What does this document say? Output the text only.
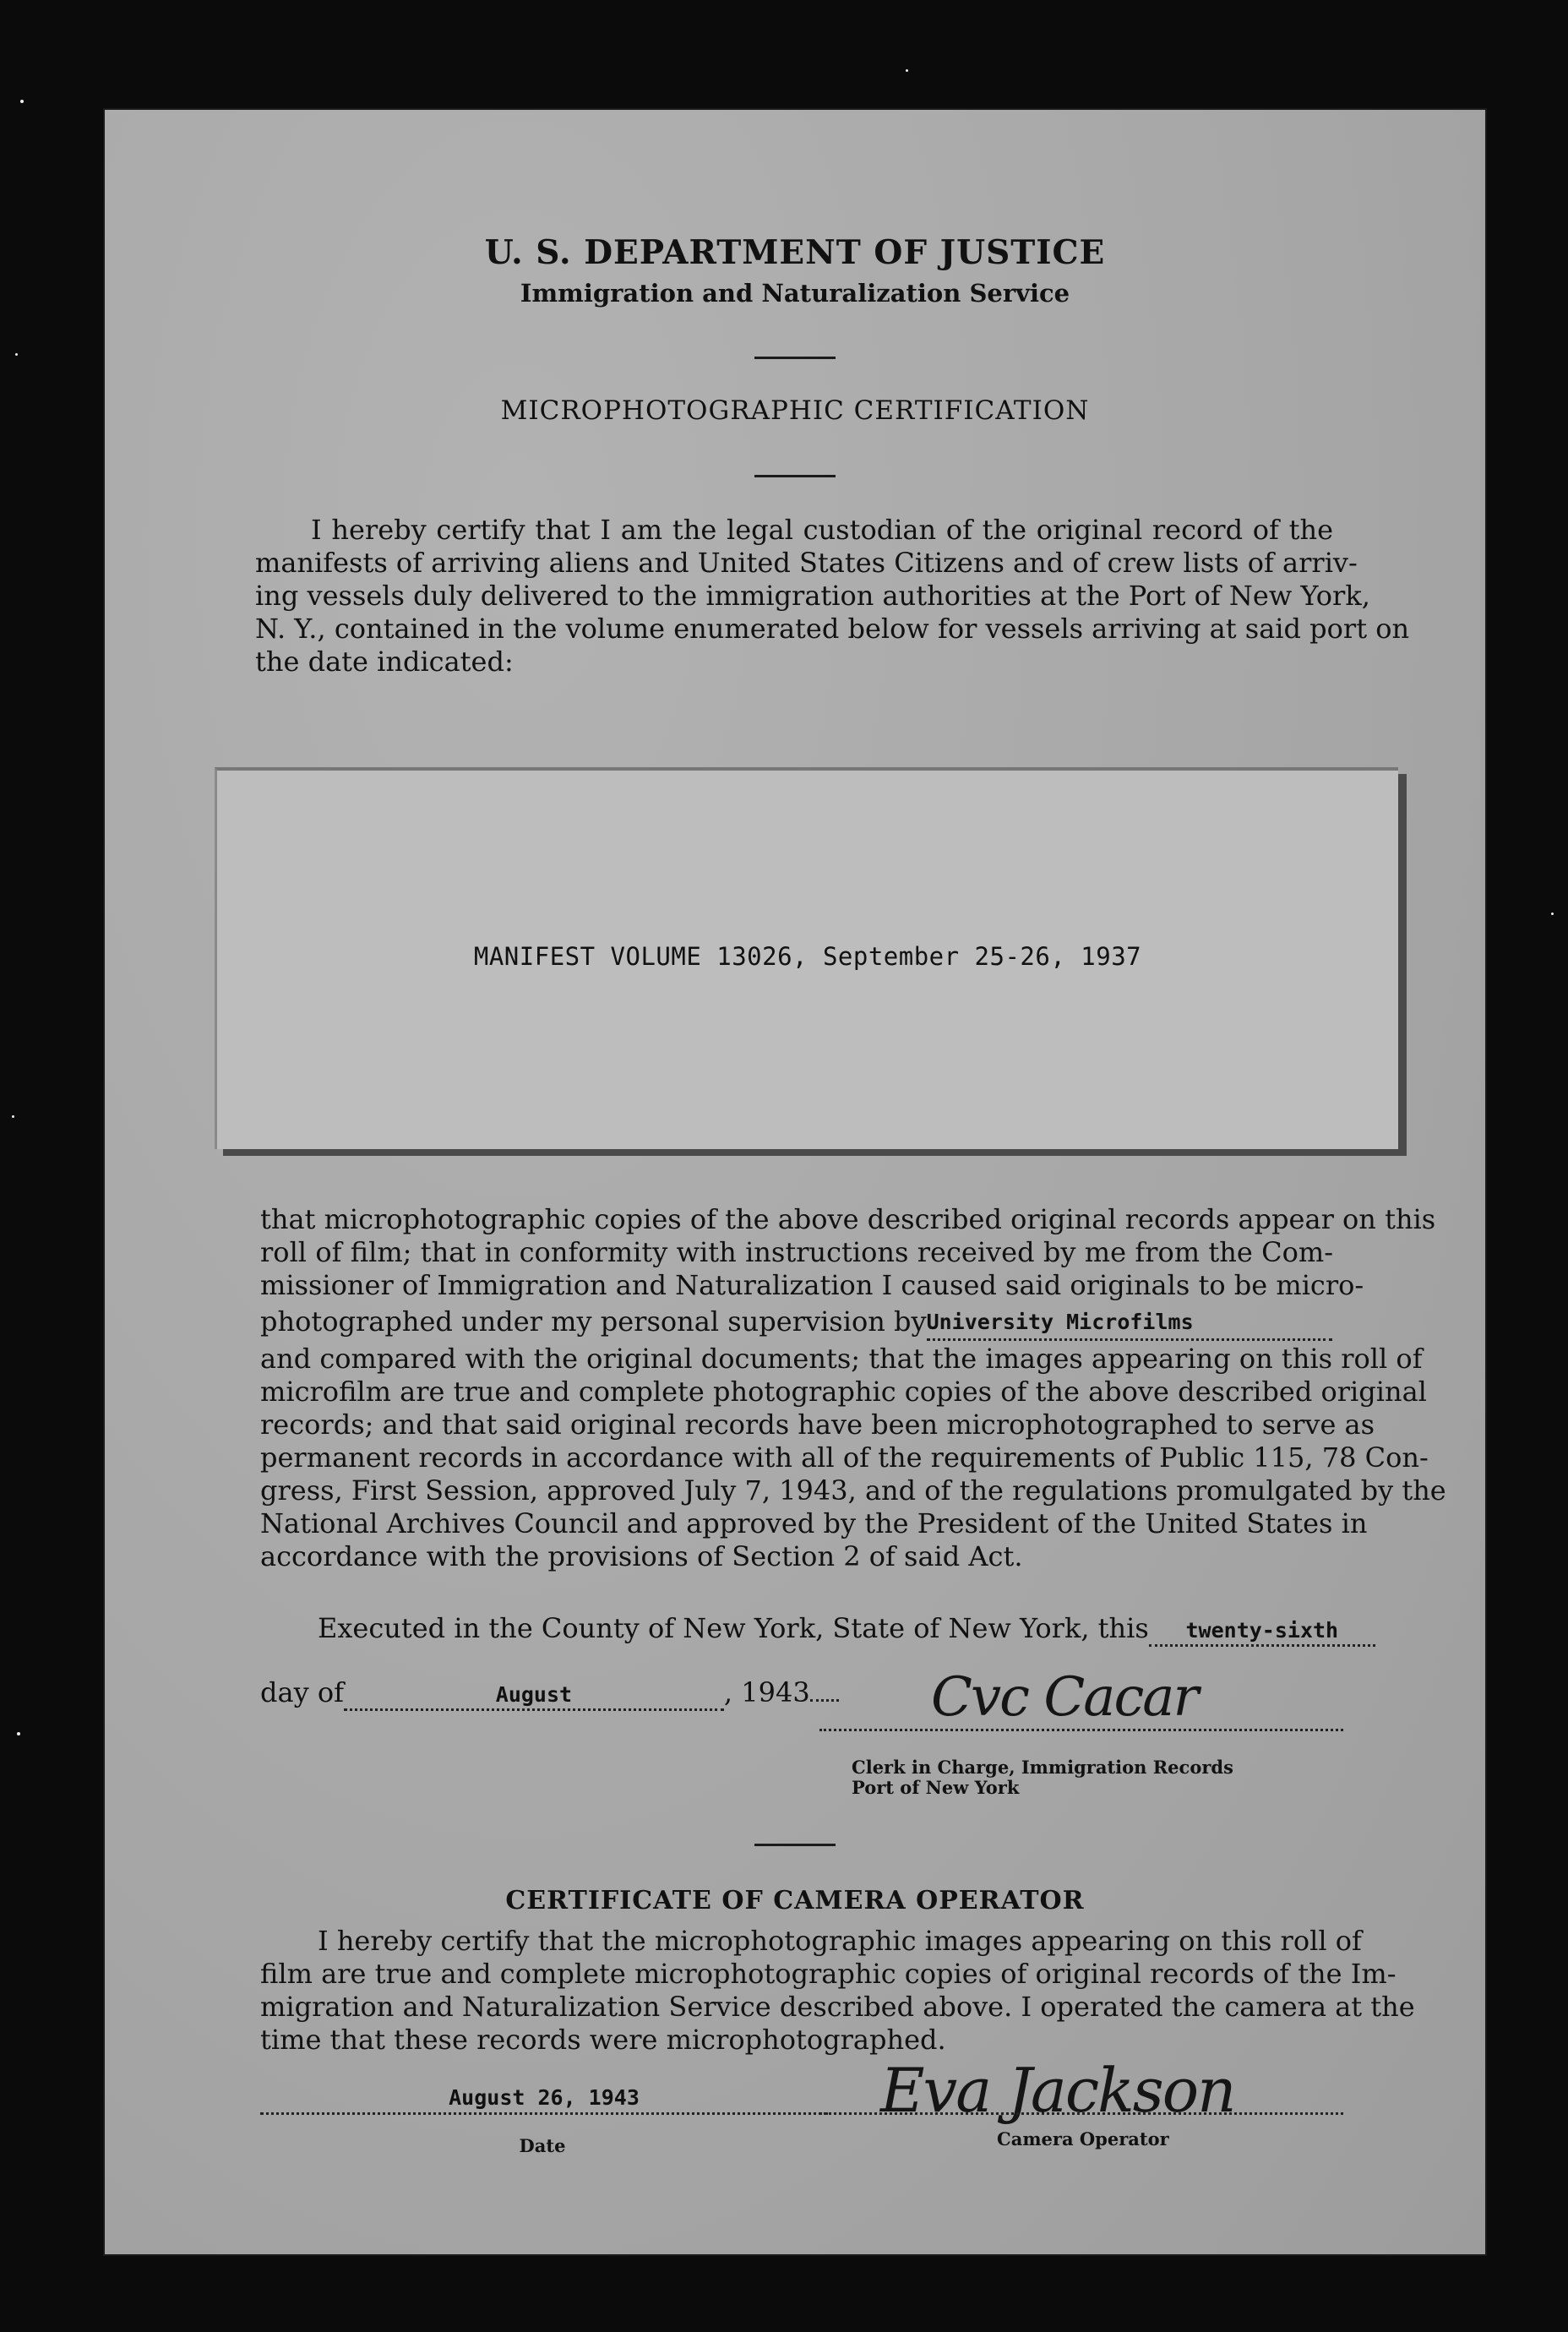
U. S. DEPARTMENT OF JUSTICE
Immigration and Naturalization Service
MICROPHOTOGRAPHIC CERTIFICATION
I hereby certify that I am the legal custodian of the original record of the
manifests of arriving aliens and United States Citizens and of crew lists of arriv-
ing vessels duly delivered to the immigration authorities at the Port of New York,
N. Y., contained in the volume enumerated below for vessels arriving at said port on
the date indicated:
MANIFEST VOLUME 13026, September 25-26, 1937
that microphotographic copies of the above described original records appear on this
roll of film; that in conformity with instructions received by me from the Com-
missioner of Immigration and Naturalization I caused said originals to be micro-
photographed under my personal supervision byUniversity Microfilms
and compared with the original documents; that the images appearing on this roll of
microfilm are true and complete photographic copies of the above described original
records; and that said original records have been microphotographed to serve as
permanent records in accordance with all of the requirements of Public 115, 78 Con-
gress, First Session, approved July 7, 1943, and of the regulations promulgated by the
National Archives Council and approved by the President of the United States in
accordance with the provisions of Section 2 of said Act.
Executed in the County of New York, State of New York, this twenty-sixth
day of	August	, 1943	Cvc Cacar
Clerk in Charge, Immigration Records
Port of New York
CERTIFICATE OF CAMERA OPERATOR
I hereby certify that the microphotographic images appearing on this roll of
film are true and complete microphotographic copies of original records of the Im-
migration and Naturalization Service described above. I operated the camera at the
time that these records were microphotographed.
August 26, 1943
Date
Eva Jackson
Camera Operator
